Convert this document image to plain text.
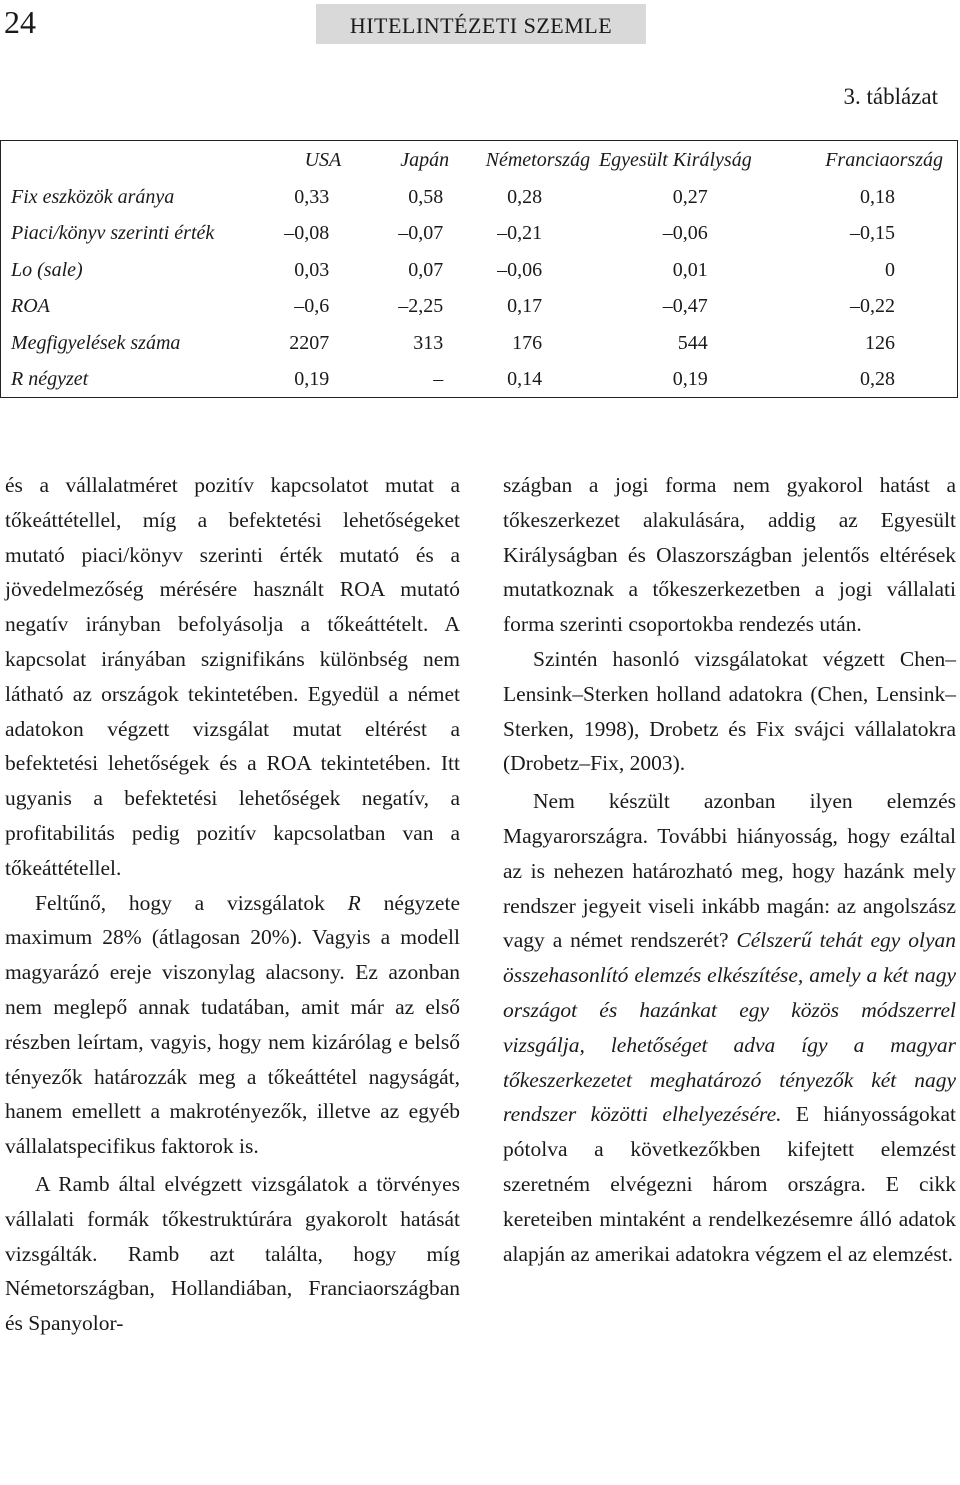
24	HITELINTÉZETI SZEMLE
3. táblázat
USA	Japán	Németország	Egyesült Királyság	Franciaország
Fix eszközök aránya 0,33	0,58	0,28	0,27	0,18
Piaci/könyv szerinti érték –0,08	–0,07	–0,21	–0,06	–0,15
Lo (sale) 0,03	0,07	–0,06	0,01	0
ROA –0,6	–2,25	0,17	–0,47	–0,22
Megfigyelések száma 2207	313	176	544	126
R négyzet 0,19	–	0,14	0,19	0,28

és a vállalatméret pozitív kapcsolatot mutat a tőkeáttétellel, míg a befektetési lehetőségeket mutató piaci/könyv szerinti érték mutató és a jövedelmezőség mérésére használt ROA mutató negatív irányban befolyásolja a tőkeáttételt. A kapcsolat irányában szignifikáns különbség nem látható az országok tekintetében. Egyedül a német adatokon végzett vizsgálat mutat eltérést a befektetési lehetőségek és a ROA tekintetében. Itt ugyanis a befektetési lehetőségek negatív, a profitabilitás pedig pozitív kapcsolatban van a tőkeáttétellel.

Feltűnő, hogy a vizsgálatok R négyzete maximum 28% (átlagosan 20%). Vagyis a modell magyarázó ereje viszonylag alacsony. Ez azonban nem meglepő annak tudatában, amit már az első részben leírtam, vagyis, hogy nem kizárólag e belső tényezők határozzák meg a tőkeáttétel nagyságát, hanem emellett a makrotényezők, illetve az egyéb vállalatspecifikus faktorok is.

A Ramb által elvégzett vizsgálatok a törvényes vállalati formák tőkestruktúrára gyakorolt hatását vizsgálták. Ramb azt találta, hogy míg Németországban, Hollandiában, Franciaországban és Spanyolor-

szágban a jogi forma nem gyakorol hatást a tőkeszerkezet alakulására, addig az Egyesült Királyságban és Olaszországban jelentős eltérések mutatkoznak a tőkeszerkezetben a jogi vállalati forma szerinti csoportokba rendezés után.

Szintén hasonló vizsgálatokat végzett Chen–Lensink–Sterken holland adatokra (Chen, Lensink–Sterken, 1998), Drobetz és Fix svájci vállalatokra (Drobetz–Fix, 2003).

Nem készült azonban ilyen elemzés Magyarországra. További hiányosság, hogy ezáltal az is nehezen határozható meg, hogy hazánk mely rendszer jegyeit viseli inkább magán: az angolszász vagy a német rendszerét? Célszerű tehát egy olyan összehasonlító elemzés elkészítése, amely a két nagy országot és hazánkat egy közös módszerrel vizsgálja, lehetőséget adva így a magyar tőkeszerkezetet meghatározó tényezők két nagy rendszer közötti elhelyezésére. E hiányosságokat pótolva a következőkben kifejtett elemzést szeretném elvégezni három országra. E cikk kereteiben mintaként a rendelkezésemre álló adatok alapján az amerikai adatokra végzem el az elemzést.
